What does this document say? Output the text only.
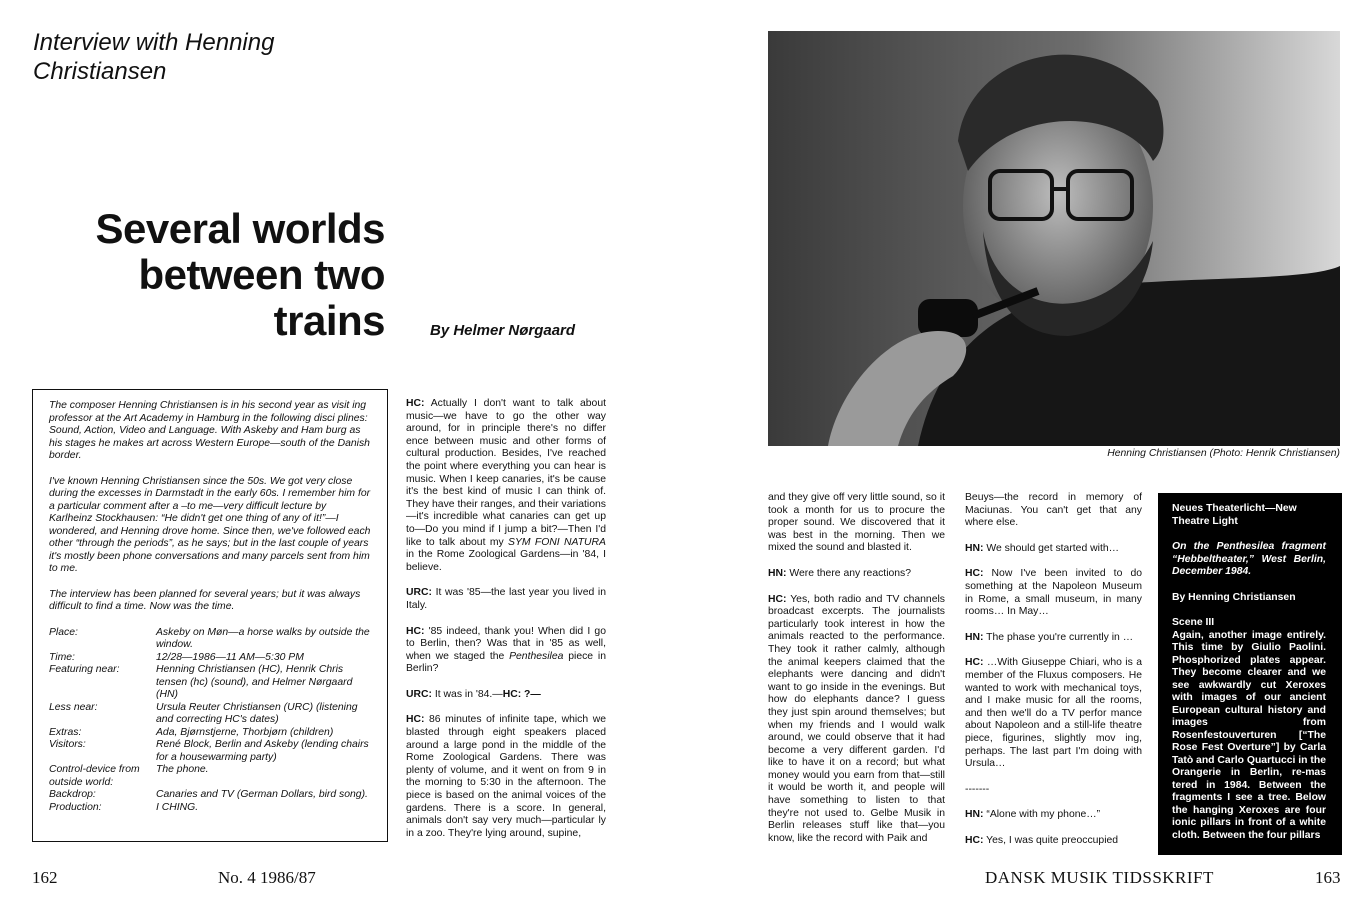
Interview with Henning Christiansen
Several worlds
between two
trains	By Helmer Nørgaard

The composer Henning Christiansen is in his second year as visit ing professor at the Art Academy in Hamburg in the following disci plines: Sound, Action, Video and Language. With Askeby and Ham burg as his stages he makes art across Western Europe—south of the Danish border.

I've known Henning Christiansen since the 50s. We got very close during the excesses in Darmstadt in the early 60s. I remember him for a particular comment after a –to me—very difficult lecture by Karlheinz Stockhausen: “He didn't get one thing of any of it!”—I wondered, and Henning drove home. Since then, we've followed each other “through the periods”, as he says; but in the last couple of years it's mostly been phone conversations and many parcels sent from him to me.

The interview has been planned for several years; but it was always difficult to find a time. Now was the time.

Place:	Askeby on Møn—a horse walks by outside the window.
Time:	12/28—1986—11 AM—5:30 PM
Featuring near:	Henning Christiansen (HC), Henrik Chris tensen (hc) (sound), and Helmer Nørgaard (HN)
Less near:	Ursula Reuter Christiansen (URC) (listening and correcting HC's dates)
Extras:	Ada, Bjørnstjerne, Thorbjørn (children)
Visitors:	René Block, Berlin and Askeby (lending chairs for a housewarming party)
Control-device from outside world:	The phone.
Backdrop:	Canaries and TV (German Dollars, bird song).
Production:	I CHING.

HC: Actually I don't want to talk about music—we have to go the other way around, for in principle there's no differ ence between music and other forms of cultural production. Besides, I've reached the point where everything you can hear is music. When I keep canaries, it's be cause it's the best kind of music I can think of. They have their ranges, and their variations—it's incredible what canaries can get up to—Do you mind if I jump a bit?—Then I'd like to talk about my SYM FONI NATURA in the Rome Zoological Gardens—in '84, I believe.

URC: It was '85—the last year you lived in Italy.

HC: '85 indeed, thank you! When did I go to Berlin, then? Was that in '85 as well, when we staged the Penthesilea piece in Berlin?

URC: It was in '84.—HC: ?—

HC: 86 minutes of infinite tape, which we blasted through eight speakers placed around a large pond in the middle of the Rome Zoological Gardens. There was plenty of volume, and it went on from 9 in the morning to 5:30 in the afternoon. The piece is based on the animal voices of the gardens. There is a score. In general, animals don't say very much—particular ly in a zoo. They're lying around, supine,

162	No. 4 1986/87
Henning Christiansen (Photo: Henrik Christiansen)

and they give off very little sound, so it took a month for us to procure the proper sound. We discovered that it was best in the morning. Then we mixed the sound and blasted it.

HN: Were there any reactions?

HC: Yes, both radio and TV channels broadcast excerpts. The journalists particularly took interest in how the animals reacted to the performance. They took it rather calmly, although the animal keepers claimed that the elephants were dancing and didn't want to go inside in the evenings. But how do elephants dance? I guess they just spin around themselves; but when my friends and I would walk around, we could observe that it had become a very different garden. I'd like to have it on a record; but what money would you earn from that—still it would be worth it, and people will have something to listen to that they're not used to. Gelbe Musik in Berlin releases stuff like that—you know, like the record with Paik and

Beuys—the record in memory of Maciunas. You can't get that any where else.

HN: We should get started with…

HC: Now I've been invited to do something at the Napoleon Museum in Rome, a small museum, in many rooms… In May…

HN: The phase you're currently in …

HC: …With Giuseppe Chiari, who is a member of the Fluxus composers. He wanted to work with mechanical toys, and I make music for all the rooms, and then we'll do a TV perfor mance about Napoleon and a still-life theatre piece, figurines, slightly mov ing, perhaps. The last part I'm doing with Ursula…

-------

HN: “Alone with my phone…”

HC: Yes, I was quite preoccupied

Neues Theaterlicht—New Theatre Light

On the Penthesilea fragment “Hebbeltheater,” West Berlin, December 1984.

By Henning Christiansen

Scene III
Again, another image entirely. This time by Giulio Paolini. Phosphorized plates appear. They become clearer and we see awkwardly cut Xeroxes with images of our ancient European cultural history and images from Rosenfestouverturen [“The Rose Fest Overture”] by Carla Tatò and Carlo Quartucci in the Orangerie in Berlin, re-mas tered in 1984. Between the fragments I see a tree. Below the hanging Xeroxes are four ionic pillars in front of a white cloth. Between the four pillars
DANSK MUSIK TIDSSKRIFT	163
